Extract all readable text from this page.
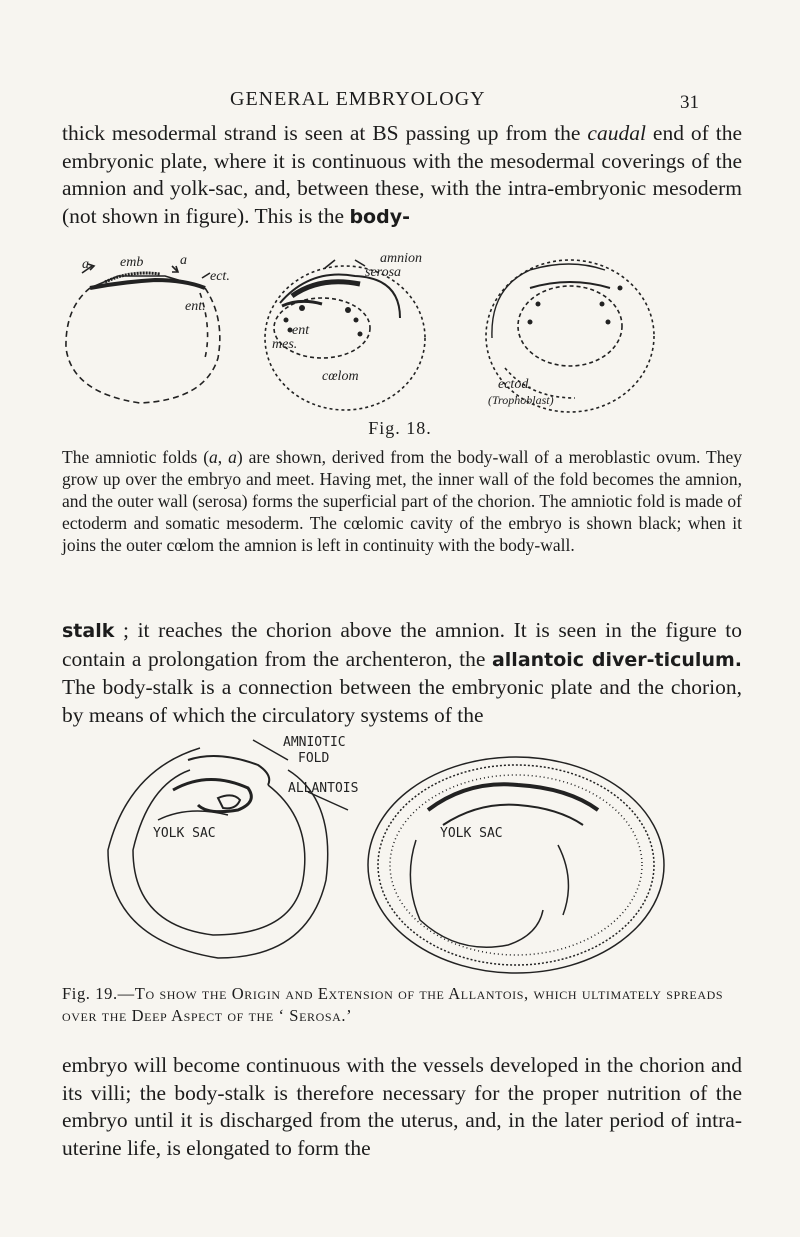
GENERAL EMBRYOLOGY	31

thick mesodermal strand is seen at BS passing up from the caudal end of the embryonic plate, where it is continuous with the mesodermal coverings of the amnion and yolk-sac, and, between these, with the intra-embryonic mesoderm (not shown in figure). This is the body-

a emb	a
ect.
ent.
ent
mes.
cœlom
amnion
serosa
ectod.
(Trophoblast)
Fig. 18.

The amniotic folds (a, a) are shown, derived from the body-wall of a meroblastic ovum. They grow up over the embryo and meet. Having met, the inner wall of the fold becomes the amnion, and the outer wall (serosa) forms the superficial part of the chorion. The amniotic fold is made of ectoderm and somatic mesoderm. The cœlomic cavity of the embryo is shown black; when it joins the outer cœlom the amnion is left in continuity with the body-wall.

stalk ; it reaches the chorion above the amnion. It is seen in the figure to contain a prolongation from the archenteron, the allantoic diver-ticulum. The body-stalk is a connection between the embryonic plate and the chorion, by means of which the circulatory systems of the

YOLK SAC
AMNIOTIC
FOLD
ALLANTOIS
YOLK SAC

Fig. 19.—To show the Origin and Extension of the Allantois, which ultimately spreads over the Deep Aspect of the ‘ Serosa.’

embryo will become continuous with the vessels developed in the chorion and its villi; the body-stalk is therefore necessary for the proper nutrition of the embryo until it is discharged from the uterus, and, in the later period of intra-uterine life, is elongated to form the
